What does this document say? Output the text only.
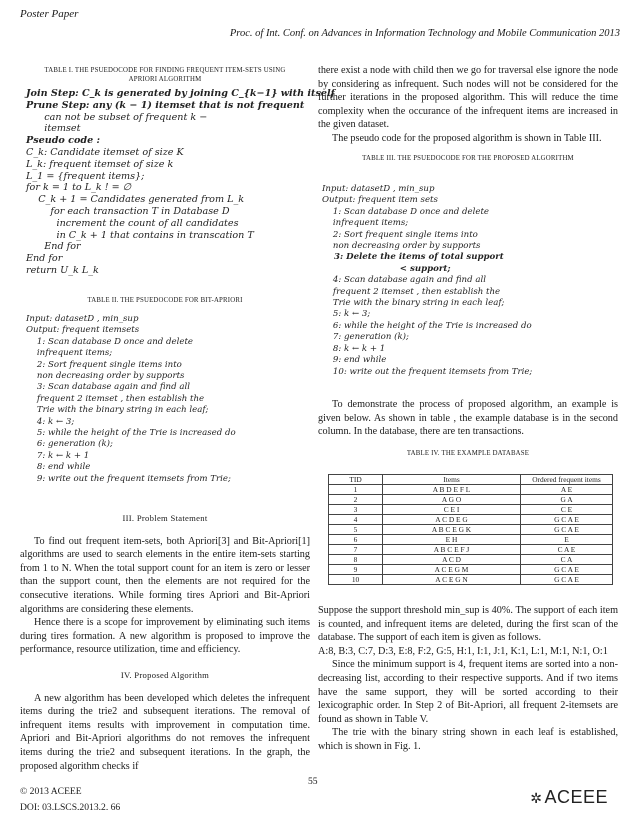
Poster Paper
Proc. of Int. Conf. on Advances in Information Technology and Mobile Communication 2013
TABLE I. THE PSUEDOCODE FOR FINDING FREQUENT ITEM-SETS USING APRIORI ALGORITHM
Join Step: C_k is generated by joining C_{k−1} with itself
Prune Step: any (k − 1) itemset that is not frequent
can not be subset of frequent k −
itemset
Pseudo code :
C_k: Candidate itemset of size K
L_k: frequent itemset of size k
L_1 = {frequent items};
for k = 1 to L_k ! = ∅
C_k + 1 = Candidates generated from L_k
for each transaction T in Database D
increment the count of all candidates
in C_k + 1 that contains in transcation T
End for
End for
return U_k L_k
TABLE II. THE PSUEDOCODE FOR BIT-APRIORI
Input: datasetD , min_sup
Output: frequent itemsets
1: Scan database D once and delete
infrequent items;
2: Sort frequent single items into
non decreasing order by supports
3: Scan database again and find all
frequent 2 itemset , then establish the
Trie with the binary string in each leaf;
4: k ← 3;
5: while the height of the Trie is increased do
6: generation (k);
7: k ← k + 1
8: end while
9: write out the frequent itemsets from Trie;
III. Problem Statement

To find out frequent item-sets, both Apriori[3] and Bit-Apriori[1] algorithms are used to search elements in the entire item-sets starting from 1 to N. When the total support count for an item is zero or lesser than the support count, then the elements are not required for the consecutive iterations. While forming tires Apriori and Bit-Apriori algorithms are considering these elements.

Hence there is a scope for improvement by eliminating such items during tires formation. A new algorithm is proposed to improve the performance, resource utilization, time and efficiency.

IV. Proposed Algorithm

A new algorithm has been developed which deletes the infrequent items during the trie2 and subsequent iterations. The removal of infrequent items results with improvement in computation time. Apriori and Bit-Apriori algorithms do not removes the infrequent items during the trie2 and subsequent iterations. In the graph, the proposed algorithm checks if

there exist a node with child then we go for traversal else ignore the node by considering as infrequent. Such nodes will not be considered for the further iterations in the proposed algorithm. This will reduce the time complexity when the occurance of the infrequent items are increased in the given dataset.

The pseudo code for the proposed algorithm is shown in Table III.

TABLE III. THE PSUEDOCODE FOR THE PROPOSED ALGORITHM
Input: datasetD , min_sup
Output: frequent item sets
1: Scan database D once and delete
infrequent items;
2: Sort frequent single items into
non decreasing order by supports
3: Delete the items of total support
< support;
4: Scan database again and find all
frequent 2 itemset , then establish the
Trie with the binary string in each leaf;
5: k ← 3;
6: while the height of the Trie is increased do
7: generation (k);
8: k ← k + 1
9: end while
10: write out the frequent itemsets from Trie;

To demonstrate the process of proposed algorithm, an example is given below. As shown in table , the example database is in the second column. In the database, there are ten transactions.

TABLE IV. THE EXAMPLE DATABASE
TID	Items	Ordered frequent items
1	A B D E F L	A E
2	A G O	G A
3	C E I	C E
4	A C D E G	G C A E
5	A B C E G K	G C A E
6	E H	E
7	A B C E F J	C A E
8	A C D	C A
9	A C E G M	G C A E
10	A C E G N	G C A E

Suppose the support threshold min_sup is 40%. The support of each item is counted, and infrequent items are deleted, during the first scan of the database. The support of each item is given as follows.

A:8, B:3, C:7, D:3, E:8, F:2, G:5, H:1, I:1, J:1, K:1, L:1, M:1, N:1, O:1

Since the minimum support is 4, frequent items are sorted into a non-decreasing list, according to their respective supports. And if two items have the same support, they will be sorted according to their lexicographic order. In Step 2 of Bit-Apriori, all frequent 2-itemsets are found as shown in Table V.

The trie with the binary string shown in each leaf is established, which is shown in Fig. 1.

© 2013 ACEEE
DOI: 03.LSCS.2013.2. 66
55
✲ ACEEE
